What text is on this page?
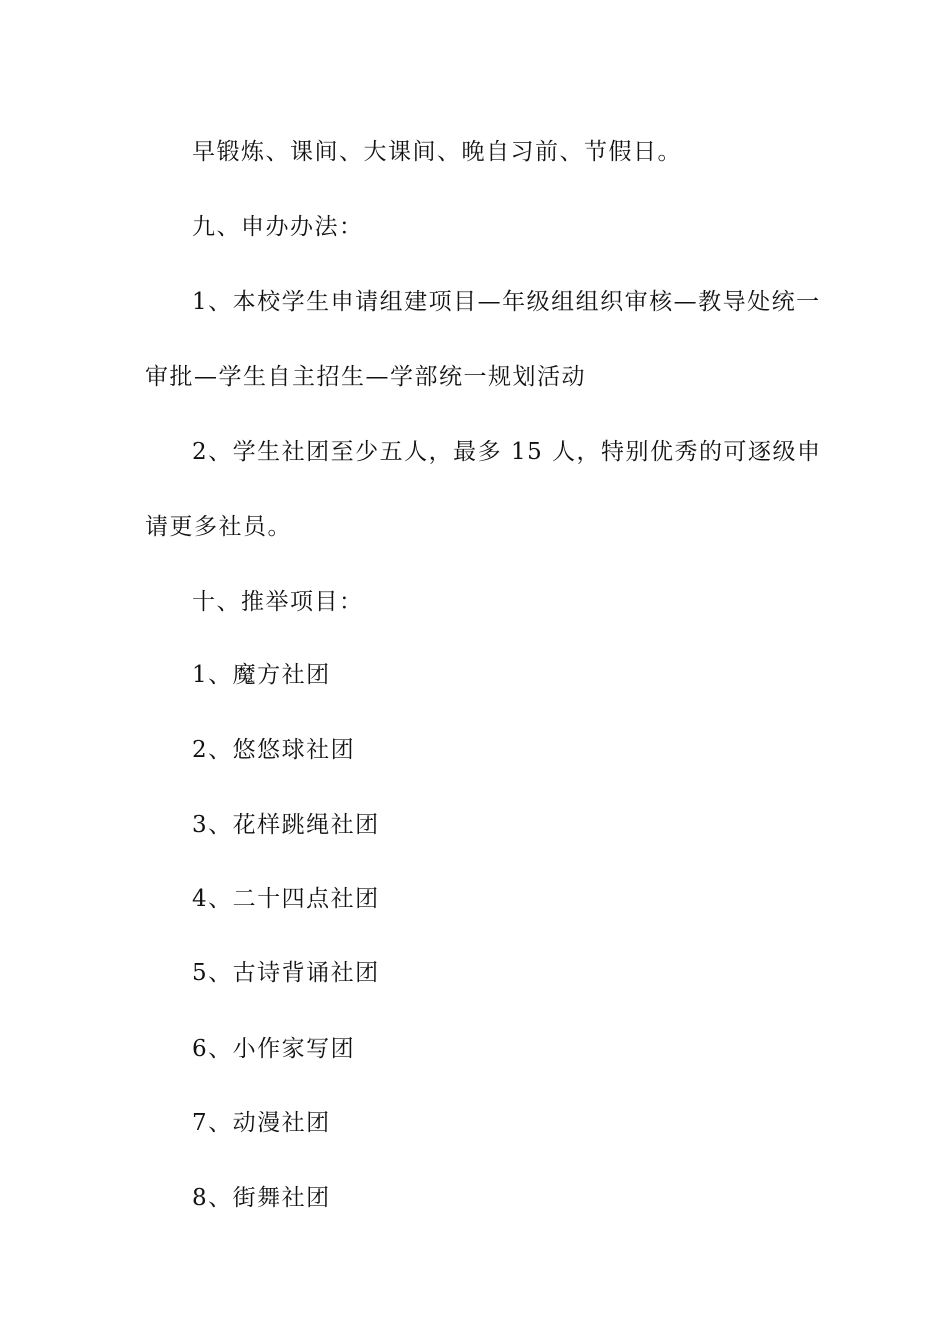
早锻炼、课间、大课间、晚自习前、节假日。
九、申办办法：
1、本校学生申请组建项目—年级组组织审核—教导处统一
审批—学生自主招生—学部统一规划活动
2、学生社团至少五人，最多 15 人，特别优秀的可逐级申
请更多社员。
十、推举项目：
1、魔方社团
2、悠悠球社团
3、花样跳绳社团
4、二十四点社团
5、古诗背诵社团
6、小作家写团
7、动漫社团
8、街舞社团
